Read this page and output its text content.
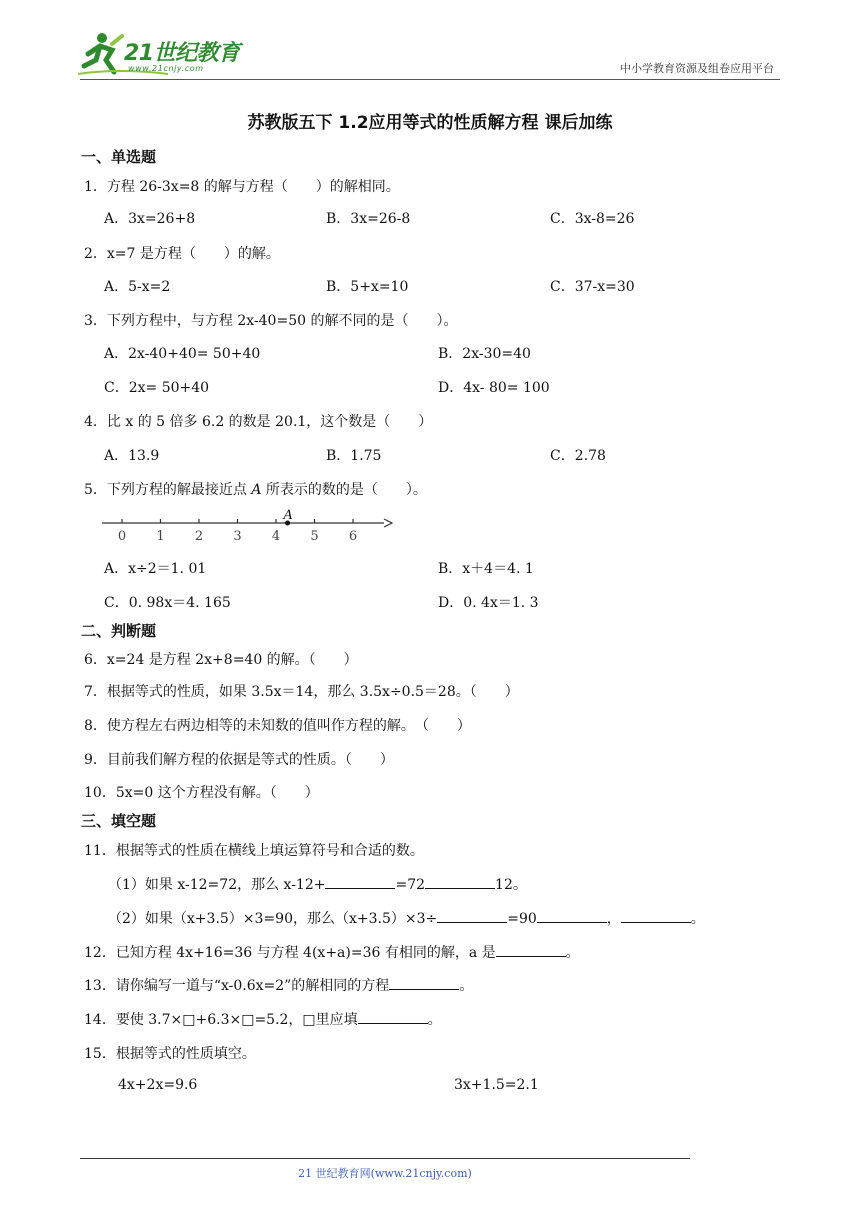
21世纪教育
www.21cnjy.com	中小学教育资源及组卷应用平台
苏教版五下 1.2应用等式的性质解方程 课后加练
一、单选题
1．方程 26-3x=8 的解与方程（　　）的解相同。
A．3x=26+8	B．3x=26-8	C．3x-8=26
2．x=7 是方程（　　）的解。
A．5-x=2	B．5+x=10	C．37-x=30
3．下列方程中，与方程 2x-40=50 的解不同的是（　　）。
A．2x-40+40= 50+40	B．2x-30=40
C．2x= 50+40	D．4x- 80= 100
4．比 x 的 5 倍多 6.2 的数是 20.1，这个数是（　　）
A．13.9	B．1.75	C．2.78
5．下列方程的解最接近点 A 所表示的数的是（　　）。
0 1 2 3 4 5 6
A
A．x÷2＝1. 01	B．x＋4＝4. 1
C．0. 98x＝4. 165	D．0. 4x＝1. 3
二、判断题
6．x=24 是方程 2x+8=40 的解。（　　）
7．根据等式的性质，如果 3.5x＝14，那么 3.5x÷0.5＝28。（　　）
8．使方程左右两边相等的未知数的值叫作方程的解。　（　　）
9．目前我们解方程的依据是等式的性质。（　　）
10．5x=0 这个方程没有解。（　　）
三、填空题
11．根据等式的性质在横线上填运算符号和合适的数。
（1）如果 x-12=72，那么 x-12+	=72	12。
（2）如果（x+3.5）×3=90，那么（x+3.5）×3÷	=90	，	。
12．已知方程 4x+16=36 与方程 4(x+a)=36 有相同的解，a 是	。
13．请你编写一道与“x-0.6x=2”的解相同的方程	。
14．要使 3.7×□+6.3×□=5.2，□里应填	。
15．根据等式的性质填空。
4x+2x=9.6	3x+1.5=2.1
21 世纪教育网(www.21cnjy.com)
